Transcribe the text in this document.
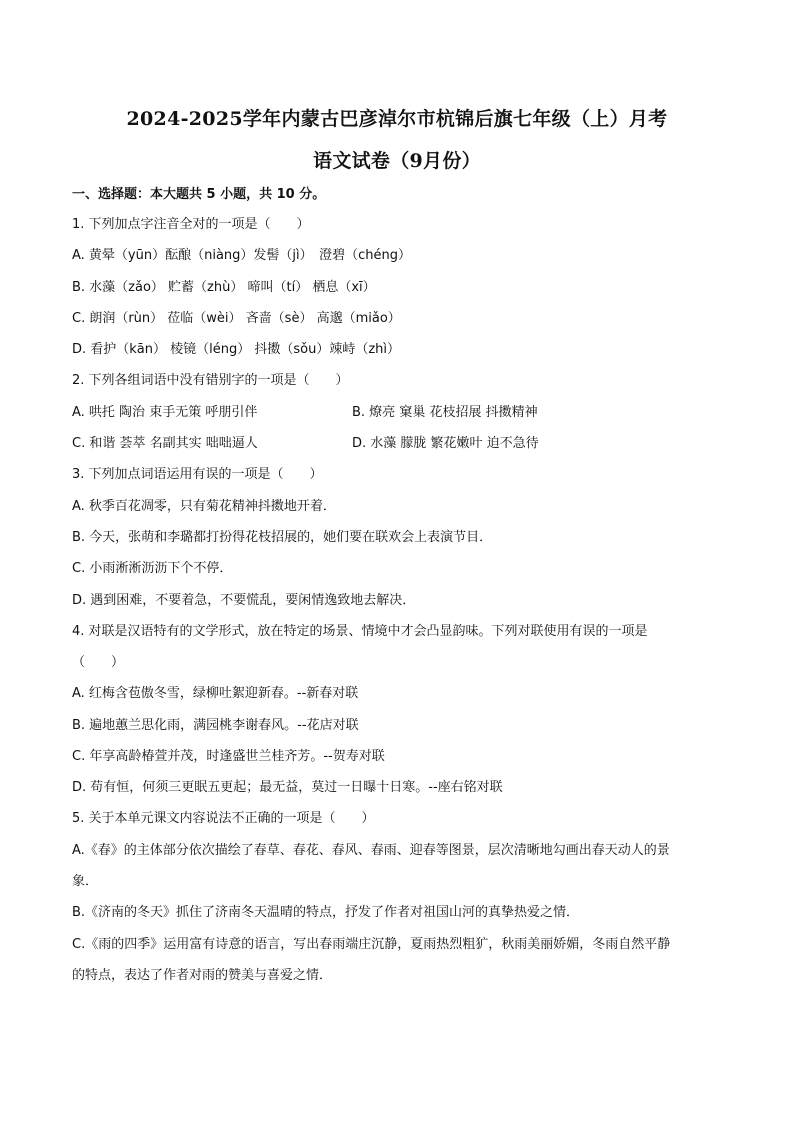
2024-2025学年内蒙古巴彦淖尔市杭锦后旗七年级（上）月考
语文试卷（9月份）
一、选择题：本大题共 5 小题，共 10 分。
1. 下列加点字注音全对的一项是（　　）
A. 黄晕（yūn）酝酿（niàng）发髻（jì）　澄碧（chéng）
B. 水藻（zǎo） 贮蓄（zhù） 啼叫（tí） 栖息（xī）
C. 朗润（rùn） 莅临（wèi） 吝啬（sè） 高邈（miǎo）
D. 看护（kān） 棱镜（léng） 抖擞（sǒu）竦峙（zhì）
2. 下列各组词语中没有错别字的一项是（　　）
A. 哄托 陶治 束手无策 呼朋引伴	B. 燎亮 窠巢 花枝招展 抖擞精神
C. 和谐 荟萃 名副其实 咄咄逼人	D. 水藻 朦胧 繁花嫩叶 迫不急待
3. 下列加点词语运用有误的一项是（　　）
A. 秋季百花凋零，只有菊花精神抖擞地开着．
B. 今天，张萌和李璐都打扮得花枝招展的，她们要在联欢会上表演节目．
C. 小雨淅淅沥沥下个不停．
D. 遇到困难，不要着急，不要慌乱，要闲情逸致地去解决．
4. 对联是汉语特有的文学形式，放在特定的场景、情境中才会凸显韵味。下列对联使用有误的一项是
（　　）
A. 红梅含苞傲冬雪，绿柳吐絮迎新春。--新春对联
B. 遍地蕙兰思化雨，满园桃李谢春风。--花店对联
C. 年享高龄椿萱并茂，时逢盛世兰桂齐芳。--贺寿对联
D. 苟有恒，何须三更眠五更起；最无益，莫过一日曝十日寒。--座右铭对联
5. 关于本单元课文内容说法不正确的一项是（　　）
A.《春》的主体部分依次描绘了春草、春花、春风、春雨、迎春等图景，层次清晰地勾画出春天动人的景
象．
B.《济南的冬天》抓住了济南冬天温晴的特点，抒发了作者对祖国山河的真挚热爱之情．
C.《雨的四季》运用富有诗意的语言，写出春雨端庄沉静，夏雨热烈粗犷，秋雨美丽娇媚，冬雨自然平静
的特点，表达了作者对雨的赞美与喜爱之情．
